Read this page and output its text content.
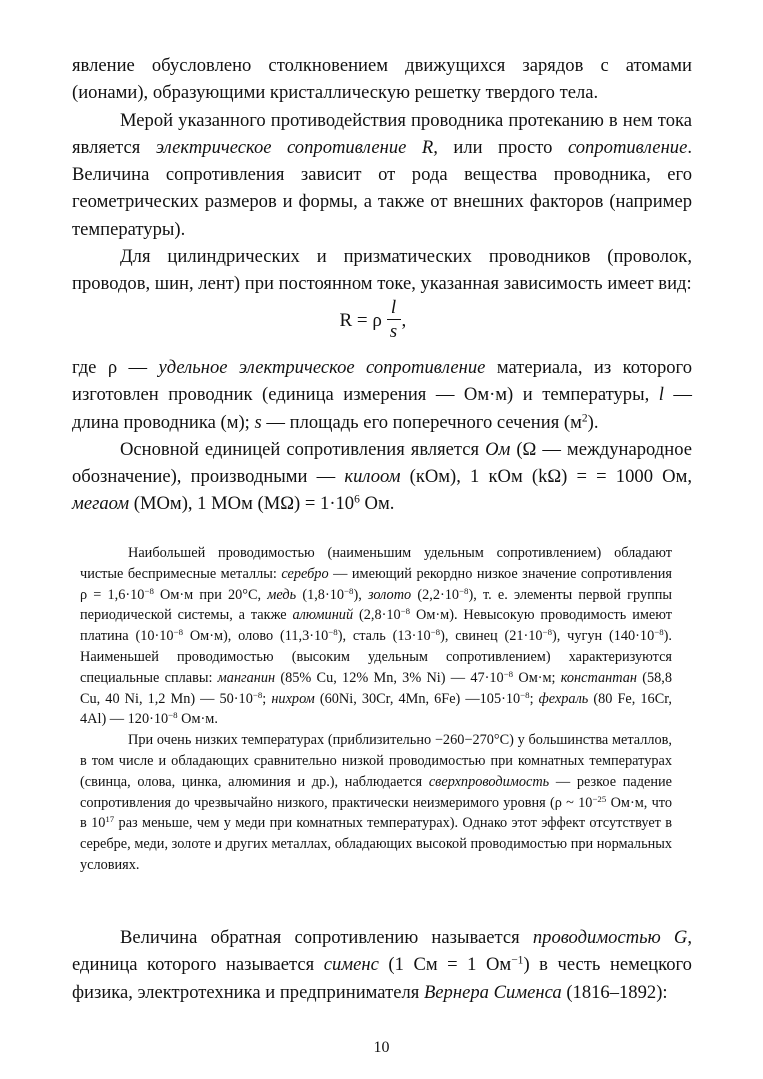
явление обусловлено столкновением движущихся зарядов с атомами (ионами), образующими кристаллическую решетку твердого тела.

Мерой указанного противодействия проводника протеканию в нем тока является электрическое сопротивление R, или просто сопротивление. Величина сопротивления зависит от рода вещества проводника, его геометрических размеров и формы, а также от внешних факторов (например температуры).

Для цилиндрических и призматических проводников (проволок, проводов, шин, лент) при постоянном токе, указанная зависимость имеет вид:

R = ρ
l
s
,

где ρ — удельное электрическое сопротивление материала, из которого изготовлен проводник (единица измерения — Ом·м) и температуры, l — длина проводника (м); s — площадь его поперечного сечения $(м^2)$.

Основной единицей сопротивления является Ом (Ω — международное обозначение), производными — килоом (кОм), 1 кОм (kΩ) = = 1000 Ом, мегаом (МОм), 1 МОм $(М\Omega) = 1\cdot 10^6$ Ом.

Наибольшей проводимостью (наименьшим удельным сопротивлением) обладают чистые беспримесные металлы: серебро — имеющий рекордно низкое значение сопротивления $\rho = 1,6\cdot 10^{-8}$ Ом·м при 20°С, медь $(1,8\cdot 10^{-8})$, золото $(2,2\cdot 10^{-8})$, т. е. элементы первой группы периодической системы, а также алюминий ($2,8\cdot 10^{-8}$ Ом·м). Невысокую проводимость имеют платина ($10\cdot 10^{-8}$ Ом·м), олово $(11,3\cdot 10^{-8})$, сталь $(13\cdot 10^{-8})$, свинец $(21\cdot 10^{-8})$, чугун $(140\cdot 10^{-8})$. Наименьшей проводимостью (высоким удельным сопротивлением) характеризуются специальные сплавы: манганин (85% Cu, 12% Mn, 3% Ni) — $47\cdot 10^{-8}$ Ом·м; константан (58,8 Cu, 40 Ni, 1,2 Mn) — $50\cdot 10^{-8}$; нихром (60Ni, 30Cr, 4Mn, 6Fe) $—105\cdot 10^{-8}$; фехраль (80 Fe, 16Cr, 4Al) — $120\cdot 10^{-8}$ Ом·м.

При очень низких температурах (приблизительно −260−270°С) у большинства металлов, в том числе и обладающих сравнительно низкой проводимостью при комнатных температурах (свинца, олова, цинка, алюминия и др.), наблюдается сверхпроводимость — резкое падение сопротивления до чрезвычайно низкого, практически неизмеримого уровня (ρ ~ $10^{-25}$ Ом·м, что в $10^{17}$ раз меньше, чем у меди при комнатных температурах). Однако этот эффект отсутствует в серебре, меди, золоте и других металлах, обладающих высокой проводимостью при нормальных условиях.

Величина обратная сопротивлению называется проводимостью G, единица которого называется сименс (1 См = 1 $Ом^{-1}$) в честь немецкого физика, электротехника и предпринимателя Вернера Сименса (1816–1892):

10
